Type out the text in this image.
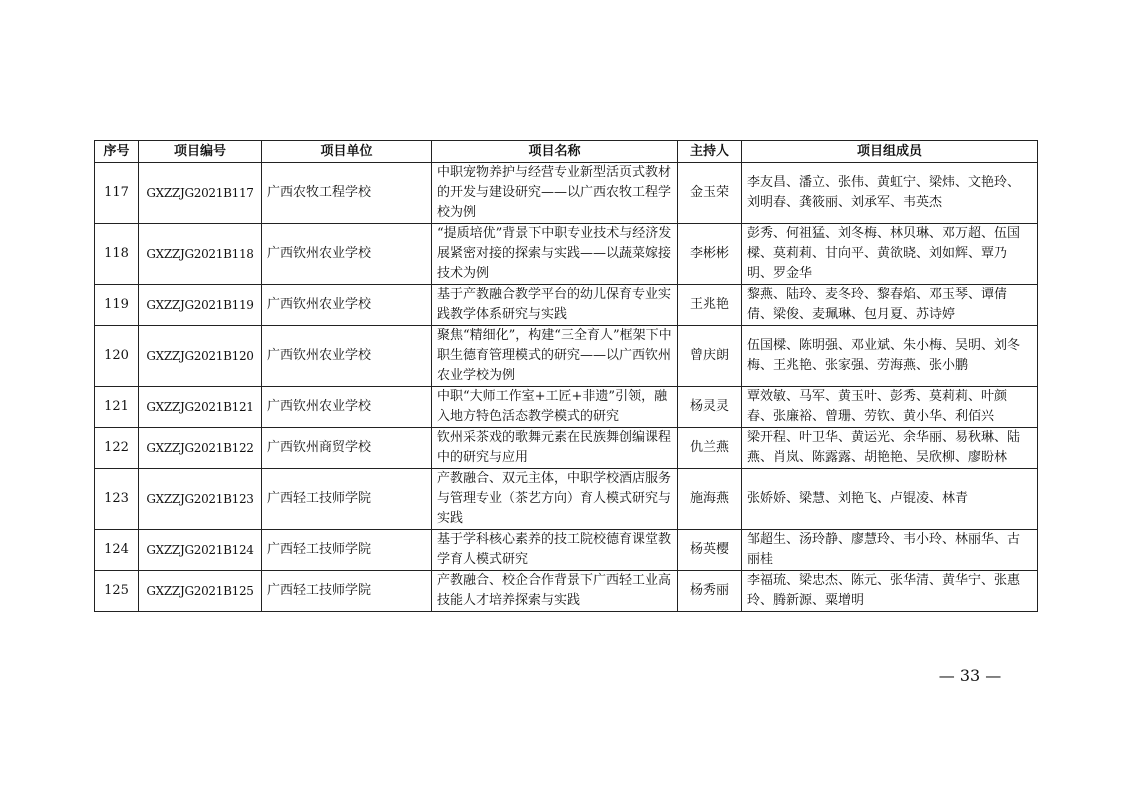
序号	项目编号	项目单位	项目名称	主持人	项目组成员
117	GXZZJG2021B117	广西农牧工程学校	中职宠物养护与经营专业新型活页式教材的开发与建设研究——以广西农牧工程学校为例	金玉荣	李友昌、潘立、张伟、黄虹宁、梁炜、文艳玲、刘明春、龚筱丽、刘承军、韦英杰
118	GXZZJG2021B118	广西钦州农业学校	“提质培优”背景下中职专业技术与经济发展紧密对接的探索与实践——以蔬菜嫁接技术为例	李彬彬	彭秀、何祖猛、刘冬梅、林贝琳、邓万超、伍国樑、莫莉莉、甘向平、黄欲晓、刘如辉、覃乃明、罗金华
119	GXZZJG2021B119	广西钦州农业学校	基于产教融合教学平台的幼儿保育专业实践教学体系研究与实践	王兆艳	黎燕、陆玲、麦冬玲、黎春焰、邓玉琴、谭倩倩、梁俊、麦珮琳、包月夏、苏诗婷
120	GXZZJG2021B120	广西钦州农业学校	聚焦“精细化”，构建“三全育人”框架下中职生德育管理模式的研究——以广西钦州农业学校为例	曾庆朗	伍国樑、陈明强、邓业斌、朱小梅、吴明、刘冬梅、王兆艳、张家强、劳海燕、张小鹏
121	GXZZJG2021B121	广西钦州农业学校	中职“大师工作室+工匠+非遗”引领，融入地方特色活态教学模式的研究	杨灵灵	覃效敏、马军、黄玉叶、彭秀、莫莉莉、叶颜春、张廉裕、曾珊、劳钦、黄小华、利佰兴
122	GXZZJG2021B122	广西钦州商贸学校	钦州采茶戏的歌舞元素在民族舞创编课程中的研究与应用	仇兰燕	梁开程、叶卫华、黄运光、余华丽、易秋琳、陆燕、肖岚、陈露露、胡艳艳、吴欣柳、廖盼林
123	GXZZJG2021B123	广西轻工技师学院	产教融合、双元主体，中职学校酒店服务与管理专业（茶艺方向）育人模式研究与实践	施海燕	张娇娇、梁慧、刘艳飞、卢锟凌、林青
124	GXZZJG2021B124	广西轻工技师学院	基于学科核心素养的技工院校德育课堂教学育人模式研究	杨英樱	邹超生、汤玲静、廖慧玲、韦小玲、林丽华、古丽桂
125	GXZZJG2021B125	广西轻工技师学院	产教融合、校企合作背景下广西轻工业高技能人才培养探索与实践	杨秀丽	李福琉、梁忠杰、陈元、张华清、黄华宁、张惠玲、腾新源、粟增明
— 33 —
